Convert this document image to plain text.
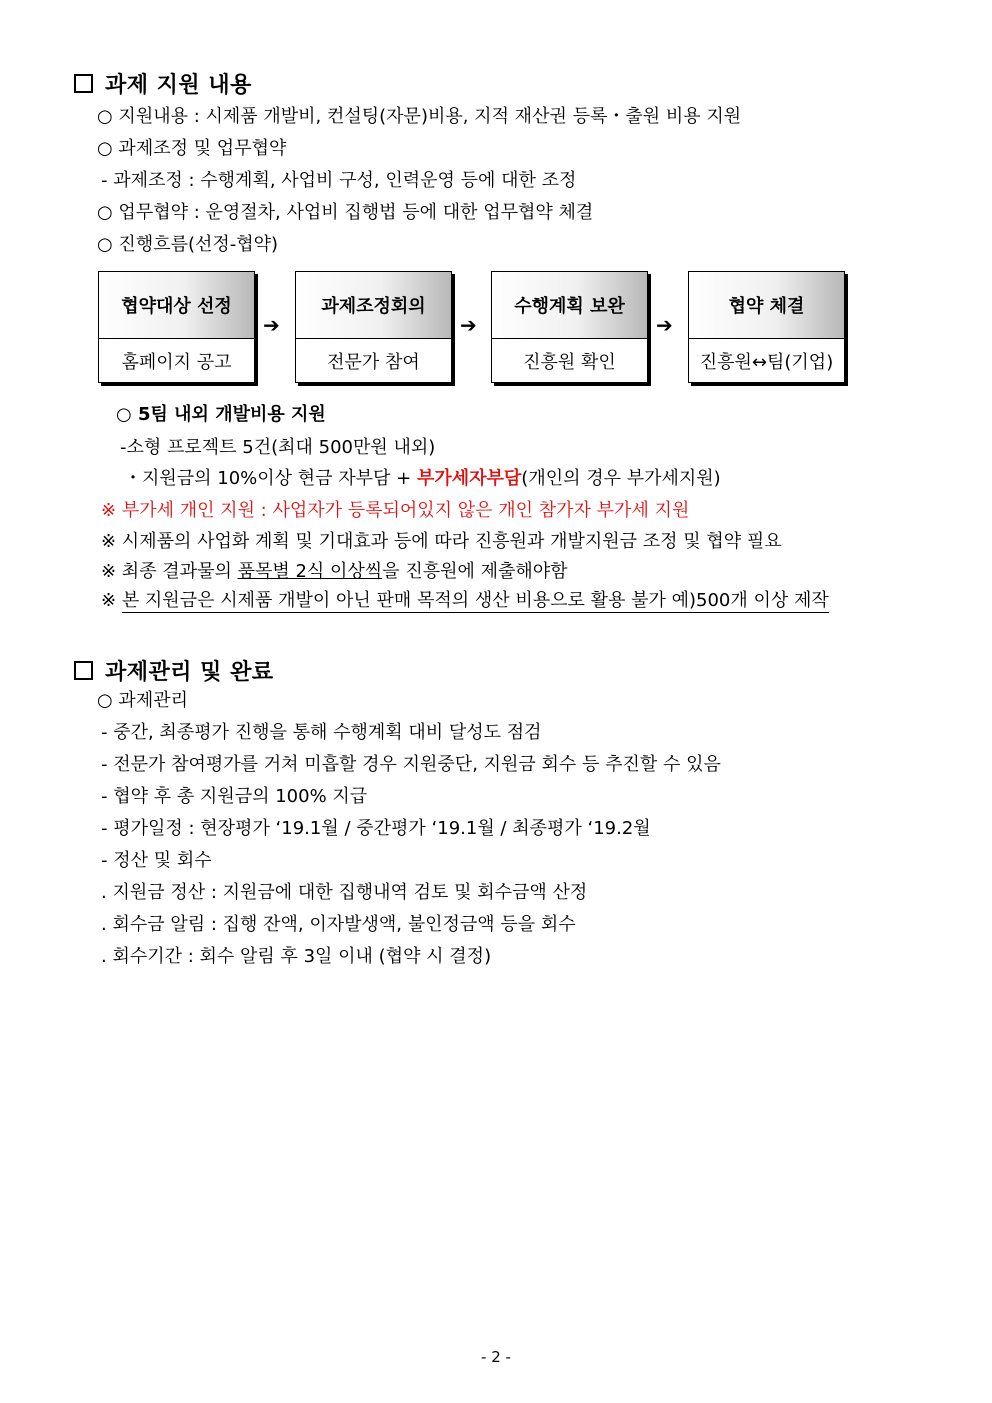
과제 지원 내용
○ 지원내용 : 시제품 개발비, 컨설팅(자문)비용, 지적 재산권 등록・출원 비용 지원
○ 과제조정 및 업무협약
- 과제조정 : 수행계획, 사업비 구성, 인력운영 등에 대한 조정
○ 업무협약 : 운영절차, 사업비 집행법 등에 대한 업무협약 체결
○ 진행흐름(선정-협약)
협약대상 선정
홈페이지 공고
➔
과제조정회의
전문가 참여
➔
수행계획 보완
진흥원 확인
➔
협약 체결
진흥원↔팀(기업)
○ 5팀 내외 개발비용 지원
-소형 프로젝트 5건(최대 500만원 내외)
・지원금의 10%이상 현금 자부담 + 부가세자부담(개인의 경우 부가세지원)
※ 부가세 개인 지원 : 사업자가 등록되어있지 않은 개인 참가자 부가세 지원
※ 시제품의 사업화 계획 및 기대효과 등에 따라 진흥원과 개발지원금 조정 및 협약 필요
※ 최종 결과물의 품목별 2식 이상씩을 진흥원에 제출해야함
※ 본 지원금은 시제품 개발이 아닌 판매 목적의 생산 비용으로 활용 불가 예)500개 이상 제작
과제관리 및 완료
○ 과제관리
- 중간, 최종평가 진행을 통해 수행계획 대비 달성도 점검
- 전문가 참여평가를 거쳐 미흡할 경우 지원중단, 지원금 회수 등 추진할 수 있음
- 협약 후 총 지원금의 100% 지급
- 평가일정 : 현장평가 ‘19.1월 / 중간평가 ‘19.1월 / 최종평가 ‘19.2월
- 정산 및 회수
. 지원금 정산 : 지원금에 대한 집행내역 검토 및 회수금액 산정
. 회수금 알림 : 집행 잔액, 이자발생액, 불인정금액 등을 회수
. 회수기간 : 회수 알림 후 3일 이내 (협약 시 결정)
- 2 -
